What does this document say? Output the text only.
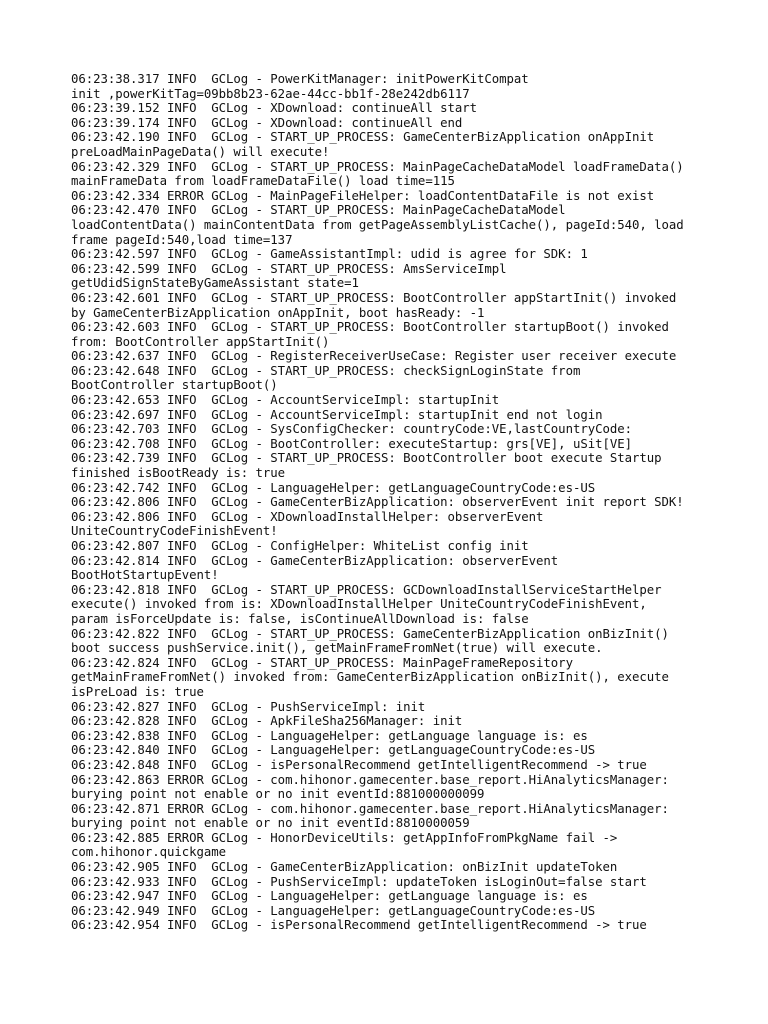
06:23:38.317 INFO  GCLog - PowerKitManager: initPowerKitCompat
init ,powerKitTag=09bb8b23-62ae-44cc-bb1f-28e242db6117
06:23:39.152 INFO  GCLog - XDownload: continueAll start
06:23:39.174 INFO  GCLog - XDownload: continueAll end
06:23:42.190 INFO  GCLog - START_UP_PROCESS: GameCenterBizApplication onAppInit
preLoadMainPageData() will execute!
06:23:42.329 INFO  GCLog - START_UP_PROCESS: MainPageCacheDataModel loadFrameData()
mainFrameData from loadFrameDataFile() load time=115
06:23:42.334 ERROR GCLog - MainPageFileHelper: loadContentDataFile is not exist
06:23:42.470 INFO  GCLog - START_UP_PROCESS: MainPageCacheDataModel
loadContentData() mainContentData from getPageAssemblyListCache(), pageId:540, load
frame pageId:540,load time=137
06:23:42.597 INFO  GCLog - GameAssistantImpl: udid is agree for SDK: 1
06:23:42.599 INFO  GCLog - START_UP_PROCESS: AmsServiceImpl
getUdidSignStateByGameAssistant state=1
06:23:42.601 INFO  GCLog - START_UP_PROCESS: BootController appStartInit() invoked
by GameCenterBizApplication onAppInit, boot hasReady: -1
06:23:42.603 INFO  GCLog - START_UP_PROCESS: BootController startupBoot() invoked
from: BootController appStartInit()
06:23:42.637 INFO  GCLog - RegisterReceiverUseCase: Register user receiver execute
06:23:42.648 INFO  GCLog - START_UP_PROCESS: checkSignLoginState from
BootController startupBoot()
06:23:42.653 INFO  GCLog - AccountServiceImpl: startupInit
06:23:42.697 INFO  GCLog - AccountServiceImpl: startupInit end not login
06:23:42.703 INFO  GCLog - SysConfigChecker: countryCode:VE,lastCountryCode:
06:23:42.708 INFO  GCLog - BootController: executeStartup: grs[VE], uSit[VE]
06:23:42.739 INFO  GCLog - START_UP_PROCESS: BootController boot execute Startup
finished isBootReady is: true
06:23:42.742 INFO  GCLog - LanguageHelper: getLanguageCountryCode:es-US
06:23:42.806 INFO  GCLog - GameCenterBizApplication: observerEvent init report SDK!
06:23:42.806 INFO  GCLog - XDownloadInstallHelper: observerEvent
UniteCountryCodeFinishEvent!
06:23:42.807 INFO  GCLog - ConfigHelper: WhiteList config init
06:23:42.814 INFO  GCLog - GameCenterBizApplication: observerEvent
BootHotStartupEvent!
06:23:42.818 INFO  GCLog - START_UP_PROCESS: GCDownloadInstallServiceStartHelper
execute() invoked from is: XDownloadInstallHelper UniteCountryCodeFinishEvent,
param isForceUpdate is: false, isContinueAllDownload is: false
06:23:42.822 INFO  GCLog - START_UP_PROCESS: GameCenterBizApplication onBizInit()
boot success pushService.init(), getMainFrameFromNet(true) will execute.
06:23:42.824 INFO  GCLog - START_UP_PROCESS: MainPageFrameRepository
getMainFrameFromNet() invoked from: GameCenterBizApplication onBizInit(), execute
isPreLoad is: true
06:23:42.827 INFO  GCLog - PushServiceImpl: init
06:23:42.828 INFO  GCLog - ApkFileSha256Manager: init
06:23:42.838 INFO  GCLog - LanguageHelper: getLanguage language is: es
06:23:42.840 INFO  GCLog - LanguageHelper: getLanguageCountryCode:es-US
06:23:42.848 INFO  GCLog - isPersonalRecommend getIntelligentRecommend -> true
06:23:42.863 ERROR GCLog - com.hihonor.gamecenter.base_report.HiAnalyticsManager:
burying point not enable or no init eventId:881000000099
06:23:42.871 ERROR GCLog - com.hihonor.gamecenter.base_report.HiAnalyticsManager:
burying point not enable or no init eventId:8810000059
06:23:42.885 ERROR GCLog - HonorDeviceUtils: getAppInfoFromPkgName fail ->
com.hihonor.quickgame
06:23:42.905 INFO  GCLog - GameCenterBizApplication: onBizInit updateToken
06:23:42.933 INFO  GCLog - PushServiceImpl: updateToken isLoginOut=false start
06:23:42.947 INFO  GCLog - LanguageHelper: getLanguage language is: es
06:23:42.949 INFO  GCLog - LanguageHelper: getLanguageCountryCode:es-US
06:23:42.954 INFO  GCLog - isPersonalRecommend getIntelligentRecommend -> true
